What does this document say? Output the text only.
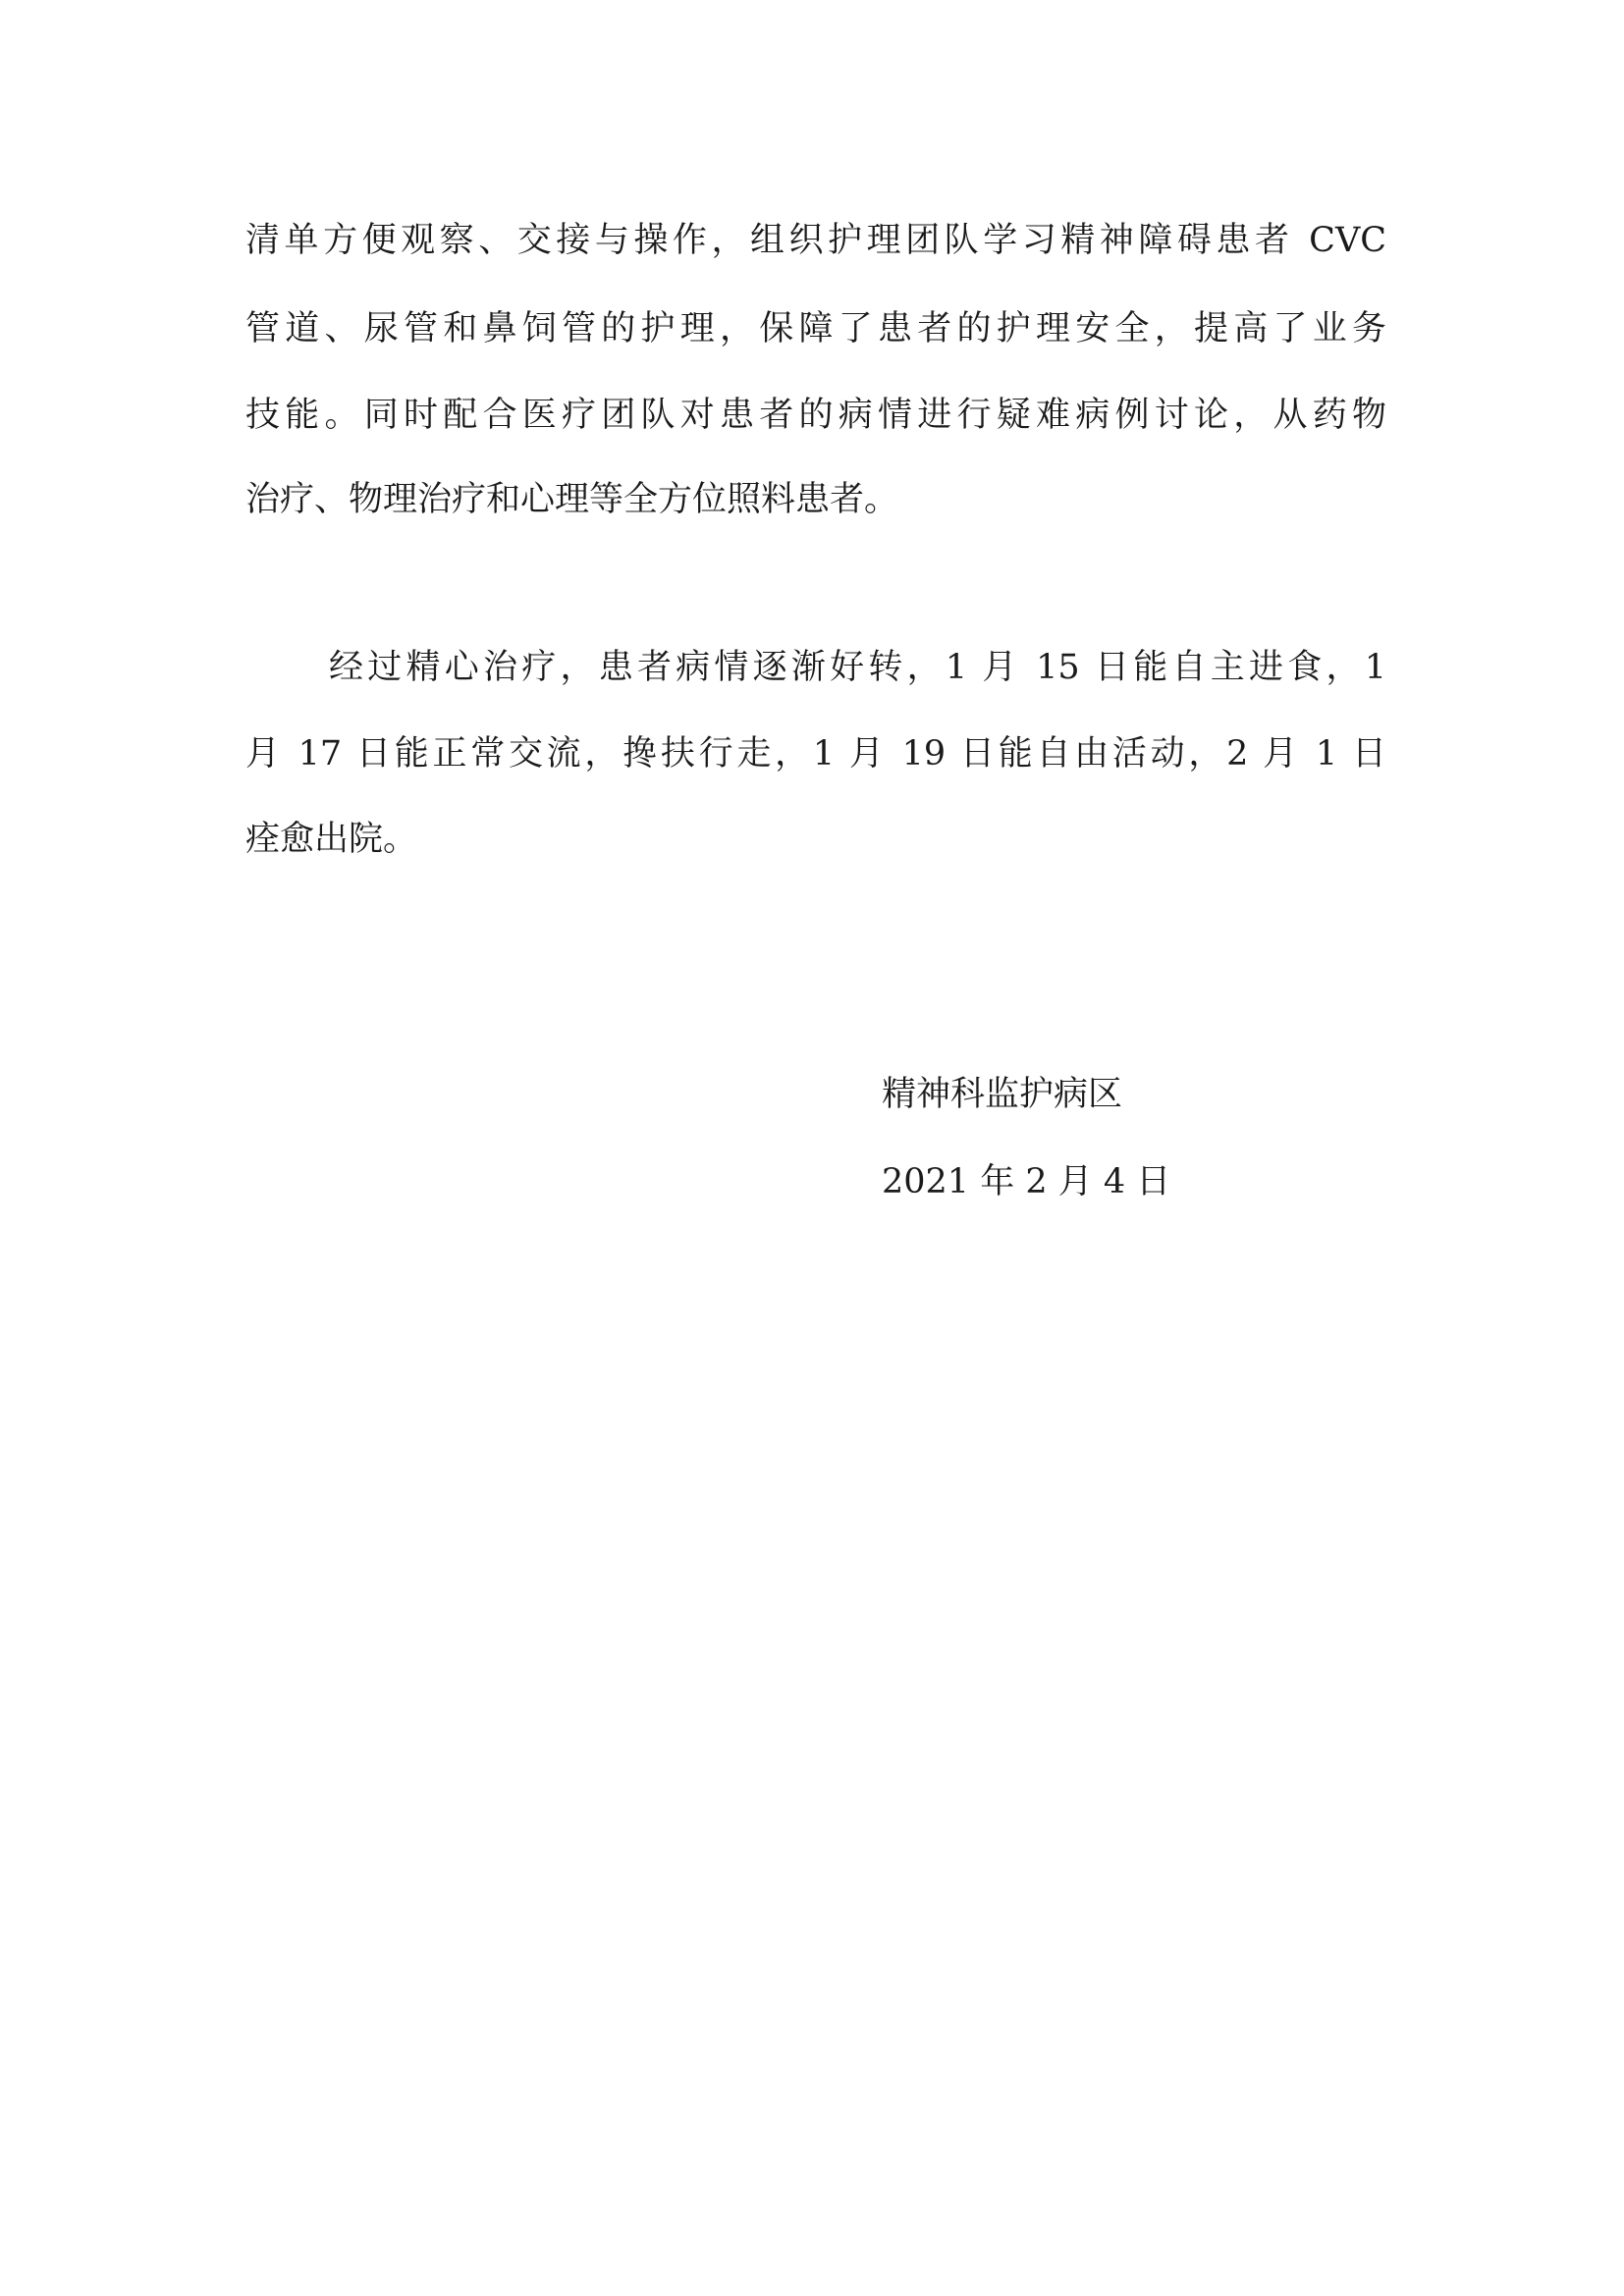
清单方便观察、交接与操作，组织护理团队学习精神障碍患者 CVC
管道、尿管和鼻饲管的护理，保障了患者的护理安全，提高了业务
技能。同时配合医疗团队对患者的病情进行疑难病例讨论，从药物
治疗、物理治疗和心理等全方位照料患者。
经过精心治疗，患者病情逐渐好转，1 月 15 日能自主进食，1
月 17 日能正常交流，搀扶行走，1 月 19 日能自由活动，2 月 1 日
痊愈出院。
精神科监护病区
2021 年 2 月 4 日
